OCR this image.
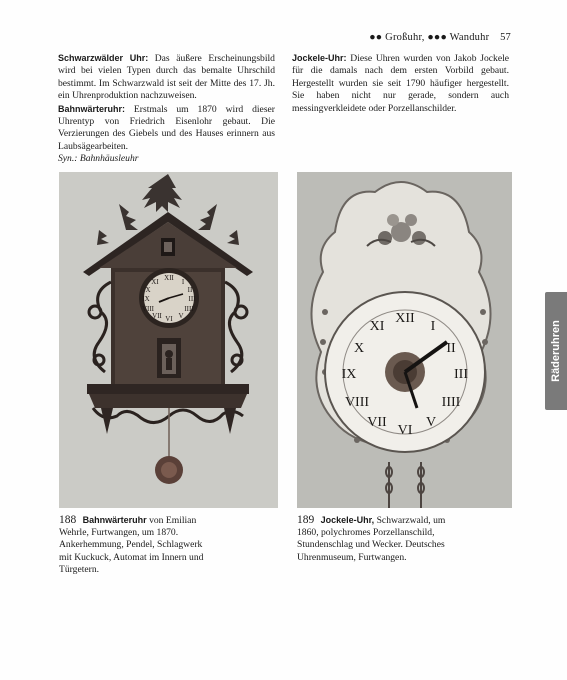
●● Großuhr, ●●● Wanduhr 57

Schwarzwälder Uhr: Das äußere Erscheinungsbild wird bei vielen Typen durch das bemalte Uhrschild bestimmt. Im Schwarzwald ist seit der Mitte des 17. Jh. ein Uhrenproduktion nachzuweisen.

Bahnwärteruhr: Erstmals um 1870 wird dieser Uhrentyp von Friedrich Eisenlohr gebaut. Die Verzierungen des Giebels und des Hauses erinnern aus Laubsägearbeiten.

Syn.: Bahnhäusleuhr

Jockele-Uhr: Diese Uhren wurden von Jakob Jockele für die damals nach dem ersten Vorbild gebaut. Hergestellt wurden sie seit 1790 häufiger hergestellt. Sie haben nicht nur gerade, sondern auch messingverkleidete oder Porzellanschilder.

XII I
II
III
IIII
V
VI
VII
VIII
IX
X
XI
XII
I
II
III
IIII
V
VI
VII
VIII
IX
X
XI
188 Bahnwärteruhr von Emilian Wehrle, Furtwangen, um 1870. Ankerhemmung, Pendel, Schlagwerk mit Kuckuck, Automat im Innern und Türgetern.
189 Jockele-Uhr, Schwarzwald, um 1860, polychromes Porzellanschild, Stundenschlag und Wecker. Deutsches Uhrenmuseum, Furtwangen.
Räderuhren
